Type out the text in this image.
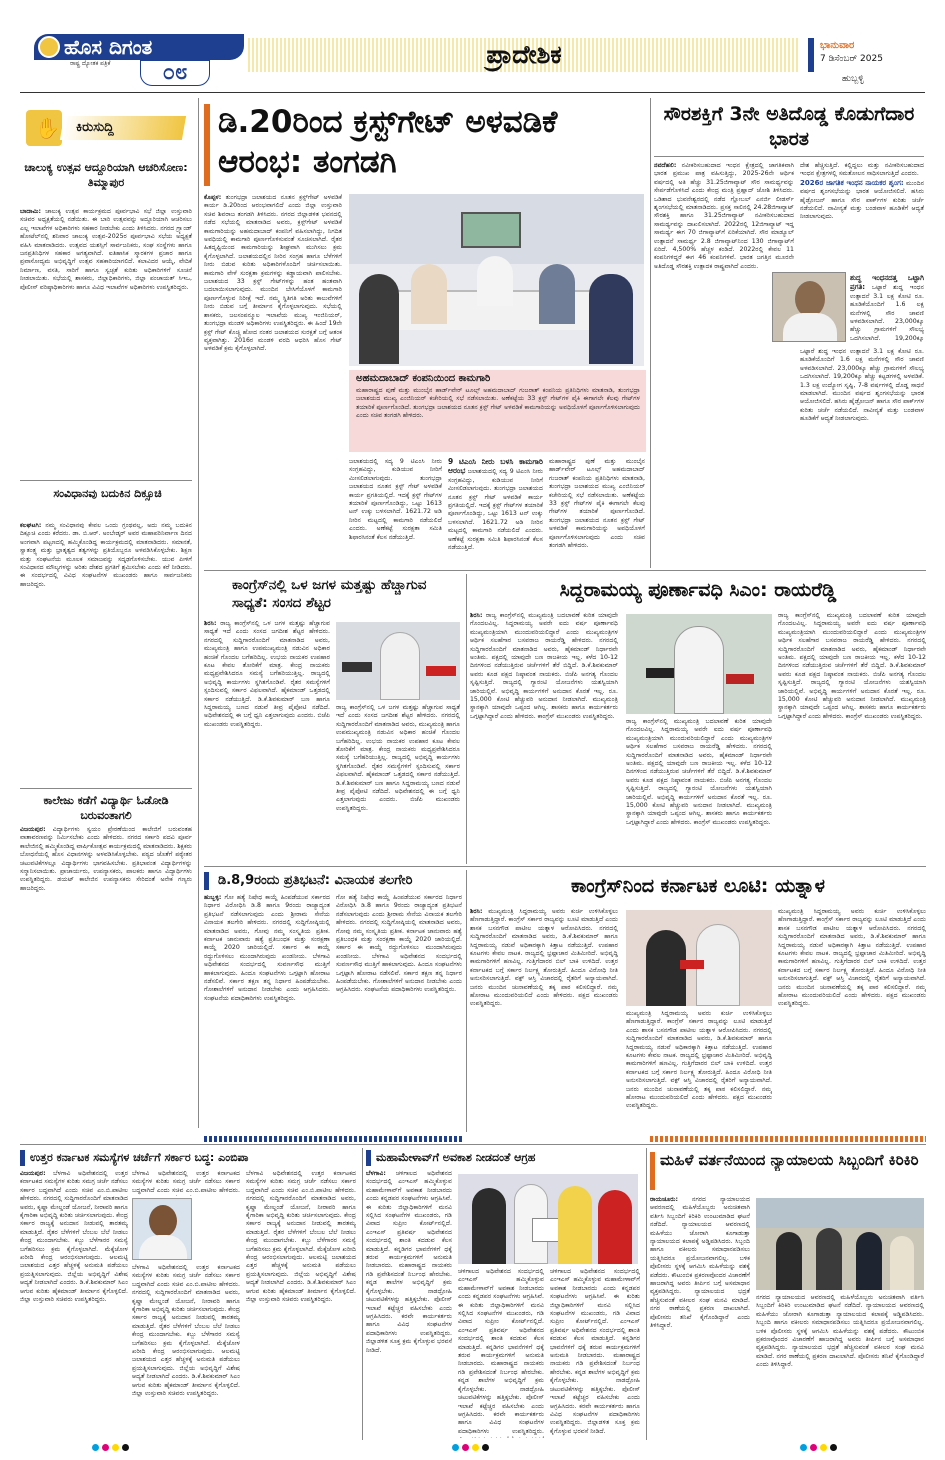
ಹೊಸ ದಿಗಂತ
ರಾಷ್ಟ್ರ ದ್ಯೋತಕ ಪತ್ರಿಕೆ	೦೮
ಪ್ರಾದೇಶಿಕ	ಭಾನುವಾರ
7 ಡಿಸೆಂಬರ್ 2025
ಹುಬ್ಬಳ್ಳಿ
✋ ಕಿರುಸುದ್ದಿ
ಚಾಲುಕ್ಯ ಉತ್ಸವ ಆದ್ದೂರಿಯಾಗಿ ಆಚರಿಸೋಣ: ತಿಮ್ಮಾಪುರ
ಬಾದಾಮಿ: ಚಾಲುಕ್ಯ ಉತ್ಸವ ಕಾರ್ಯಕ್ರಮದ ಪೂರ್ವಭಾವಿ ಸಭೆ ಜಿಲ್ಲಾ ಉಸ್ತುವಾರಿ ಸಚಿವರ ಅಧ್ಯಕ್ಷತೆಯಲ್ಲಿ ನಡೆಯಿತು. ಈ ಬಾರಿ ಉತ್ಸವವನ್ನು ಅದ್ದೂರಿಯಾಗಿ ಆಚರಿಸಲು ಎಲ್ಲ ಇಲಾಖೆಗಳ ಅಧಿಕಾರಿಗಳು ಸಹಕಾರ ನೀಡಬೇಕು ಎಂದು ತಿಳಿಸಿದರು. ನಗರದ ಗ್ರ್ಯಾಂಡ್ ಹೋಟೆಲ್‌ನಲ್ಲಿ ಶನಿವಾರ ಚಾಲುಕ್ಯ ಉತ್ಸವ-2025ರ ಪೂರ್ವಭಾವಿ ಸಭೆಯ ಅಧ್ಯಕ್ಷತೆ ವಹಿಸಿ ಮಾತನಾಡಿದರು. ಉತ್ಸವದ ಯಶಸ್ಸಿಗೆ ಸಾರ್ವಜನಿಕರು, ಸಂಘ ಸಂಸ್ಥೆಗಳು ಹಾಗೂ ಜನಪ್ರತಿನಿಧಿಗಳ ಸಹಕಾರ ಅಗತ್ಯವಾಗಿದೆ. ಐತಿಹಾಸಿಕ ಸ್ಮಾರಕಗಳ ಪ್ರಚಾರ ಹಾಗೂ ಪ್ರವಾಸೋದ್ಯಮ ಅಭಿವೃದ್ಧಿಗೆ ಉತ್ಸವ ಸಹಕಾರಿಯಾಗಲಿದೆ. ಕಲಾವಿದರ ಆಯ್ಕೆ, ವೇದಿಕೆ ನಿರ್ಮಾಣ, ವಸತಿ, ಸಾರಿಗೆ ಹಾಗೂ ಸ್ವಚ್ಛತೆ ಕುರಿತು ಅಧಿಕಾರಿಗಳಿಗೆ ಸೂಚನೆ ನೀಡಲಾಯಿತು. ಸಭೆಯಲ್ಲಿ ಶಾಸಕರು, ಜಿಲ್ಲಾಧಿಕಾರಿಗಳು, ಜಿಲ್ಲಾ ಪಂಚಾಯತ್ ಸಿಇಒ, ಪೊಲೀಸ್ ವರಿಷ್ಠಾಧಿಕಾರಿಗಳು ಹಾಗೂ ವಿವಿಧ ಇಲಾಖೆಗಳ ಅಧಿಕಾರಿಗಳು ಉಪಸ್ಥಿತರಿದ್ದರು.
ಸಂವಿಧಾನವು ಬದುಕಿನ ದಿಕ್ಸೂಚಿ
ಕಲಘಟಗಿ: ನಮ್ಮ ಸಂವಿಧಾನವು ಕೇವಲ ಒಂದು ಗ್ರಂಥವಲ್ಲ, ಅದು ನಮ್ಮ ಬದುಕಿನ ದಿಕ್ಸೂಚಿ ಎಂದು ಕರೆದರು. ಡಾ. ಬಿ.ಆರ್. ಅಂಬೇಡ್ಕರ್ ಅವರ ಮಹಾಪರಿನಿರ್ವಾಣ ದಿನದ ಅಂಗವಾಗಿ ಪಟ್ಟಣದಲ್ಲಿ ಹಮ್ಮಿಕೊಂಡಿದ್ದ ಕಾರ್ಯಕ್ರಮದಲ್ಲಿ ಮಾತನಾಡಿದರು. ಸಮಾನತೆ, ಸ್ವಾತಂತ್ರ್ಯ ಮತ್ತು ಭ್ರಾತೃತ್ವದ ತತ್ವಗಳನ್ನು ಪ್ರತಿಯೊಬ್ಬರೂ ಅಳವಡಿಸಿಕೊಳ್ಳಬೇಕು. ಶಿಕ್ಷಣ ಮತ್ತು ಸಂಘಟನೆಯ ಮೂಲಕ ಸಮಾಜವನ್ನು ಸದೃಢಗೊಳಿಸಬೇಕು. ಯುವ ಪೀಳಿಗೆ ಸಂವಿಧಾನದ ಮೌಲ್ಯಗಳನ್ನು ಅರಿತು ದೇಶದ ಪ್ರಗತಿಗೆ ಶ್ರಮಿಸಬೇಕು ಎಂದು ಕರೆ ನೀಡಿದರು. ಈ ಸಂದರ್ಭದಲ್ಲಿ ವಿವಿಧ ಸಂಘಟನೆಗಳ ಮುಖಂಡರು ಹಾಗೂ ಸಾರ್ವಜನಿಕರು ಹಾಜರಿದ್ದರು.
ಕಾಲೇಜು ಕಡೆಗೆ ವಿದ್ಯಾರ್ಥಿ ಓಡೋಡಿ ಬರುವಂತಾಗಲಿ
ವಿಜಯಪುರ: ವಿದ್ಯಾರ್ಥಿಗಳು ಸ್ವಯಂ ಪ್ರೇರಣೆಯಿಂದ ಕಾಲೇಜಿಗೆ ಬರುವಂತಹ ವಾತಾವರಣವನ್ನು ನಿರ್ಮಿಸಬೇಕು ಎಂದು ಹೇಳಿದರು. ನಗರದ ಸರ್ಕಾರಿ ಪದವಿ ಪೂರ್ವ ಕಾಲೇಜಿನಲ್ಲಿ ಹಮ್ಮಿಕೊಂಡಿದ್ದ ವಾರ್ಷಿಕೋತ್ಸವ ಕಾರ್ಯಕ್ರಮದಲ್ಲಿ ಮಾತನಾಡಿದರು. ಶಿಕ್ಷಕರು ಬೋಧನೆಯಲ್ಲಿ ಹೊಸ ವಿಧಾನಗಳನ್ನು ಅಳವಡಿಸಿಕೊಳ್ಳಬೇಕು. ಪಠ್ಯದ ಜೊತೆಗೆ ಪಠ್ಯೇತರ ಚಟುವಟಿಕೆಗಳಲ್ಲೂ ವಿದ್ಯಾರ್ಥಿಗಳು ಭಾಗವಹಿಸಬೇಕು. ಪ್ರತಿಭಾವಂತ ವಿದ್ಯಾರ್ಥಿಗಳನ್ನು ಸನ್ಮಾನಿಸಲಾಯಿತು. ಪ್ರಾಚಾರ್ಯರು, ಉಪನ್ಯಾಸಕರು, ಪಾಲಕರು ಹಾಗೂ ವಿದ್ಯಾರ್ಥಿಗಳು ಉಪಸ್ಥಿತರಿದ್ದರು. ಡಯಟ್ ಕಾಲೇಜಿನ ಉಪನ್ಯಾಸಕರು ಸೇರಿದಂತೆ ಅನೇಕ ಗಣ್ಯರು ಹಾಜರಿದ್ದರು.
ಡಿ.20ರಿಂದ ಕ್ರಸ್ಟ್‌ಗೇಟ್ ಅಳವಡಿಕೆ ಆರಂಭ: ತಂಗಡಗಿ
ಕೊಪ್ಪಳ: ತುಂಗಭದ್ರಾ ಜಲಾಶಯದ ನೂತನ ಕ್ರಸ್ಟ್‌ಗೇಟ್ ಅಳವಡಿಕೆ ಕಾರ್ಯ ಡಿ.20ರಿಂದ ಆರಂಭವಾಗಲಿದೆ ಎಂದು ಜಿಲ್ಲಾ ಉಸ್ತುವಾರಿ ಸಚಿವ ಶಿವರಾಜ ತಂಗಡಗಿ ತಿಳಿಸಿದರು. ನಗರದ ಜಿಲ್ಲಾಡಳಿತ ಭವನದಲ್ಲಿ ನಡೆದ ಸಭೆಯಲ್ಲಿ ಮಾತನಾಡಿದ ಅವರು, ಕ್ರಸ್ಟ್‌ಗೇಟ್ ಅಳವಡಿಕೆ ಕಾಮಗಾರಿಯನ್ನು ಅಹಮದಾಬಾದ್ ಕಂಪನಿಗೆ ವಹಿಸಲಾಗಿದ್ದು, ನಿಗದಿತ ಅವಧಿಯಲ್ಲಿ ಕಾಮಗಾರಿ ಪೂರ್ಣಗೊಳಿಸುವಂತೆ ಸೂಚಿಸಲಾಗಿದೆ. ರೈತರ ಹಿತದೃಷ್ಟಿಯಿಂದ ಕಾಮಗಾರಿಯನ್ನು ಶೀಘ್ರವಾಗಿ ಮುಗಿಸಲು ಕ್ರಮ ಕೈಗೊಳ್ಳಲಾಗಿದೆ. ಜಲಾಶಯದಲ್ಲಿನ ನೀರಿನ ಸಂಗ್ರಹ ಹಾಗೂ ಬೆಳೆಗಳಿಗೆ ನೀರು ಬಿಡುವ ಕುರಿತು ಅಧಿಕಾರಿಗಳೊಂದಿಗೆ ಚರ್ಚಿಸಲಾಯಿತು. ಕಾಮಗಾರಿ ವೇಳೆ ಸುರಕ್ಷತಾ ಕ್ರಮಗಳನ್ನು ಕಡ್ಡಾಯವಾಗಿ ಪಾಲಿಸಬೇಕು. ಜಲಾಶಯದ 33 ಕ್ರಸ್ಟ್ ಗೇಟ್‌ಗಳನ್ನು ಹಂತ ಹಂತವಾಗಿ ಬದಲಾಯಿಸಲಾಗುವುದು. ಮುಂದಿನ ಬೇಸಿಗೆಯೊಳಗೆ ಕಾಮಗಾರಿ ಪೂರ್ಣಗೊಳ್ಳುವ ನಿರೀಕ್ಷೆ ಇದೆ. ನಮ್ಮ ಸ್ಥಿತಿಗತಿ ಅರಿತು ಕಾಲುವೆಗಳಿಗೆ ನೀರು ಬಿಡುವ ಬಗ್ಗೆ ತೀರ್ಮಾನ ಕೈಗೊಳ್ಳಲಾಗುವುದು. ಸಭೆಯಲ್ಲಿ ಶಾಸಕರು, ಜಲಸಂಪನ್ಮೂಲ ಇಲಾಖೆಯ ಮುಖ್ಯ ಇಂಜಿನಿಯರ್, ತುಂಗಭದ್ರಾ ಮಂಡಳಿ ಅಧಿಕಾರಿಗಳು ಉಪಸ್ಥಿತರಿದ್ದರು. ಈ ಹಿಂದೆ 19ನೇ ಕ್ರಸ್ಟ್ ಗೇಟ್ ಕೊಚ್ಚಿ ಹೋದ ನಂತರ ಜಲಾಶಯದ ಸುರಕ್ಷತೆ ಬಗ್ಗೆ ಆತಂಕ ವ್ಯಕ್ತವಾಗಿತ್ತು. 2016ರ ಮಂಡಳಿ ವರದಿ ಆಧರಿಸಿ ಹೊಸ ಗೇಟ್ ಅಳವಡಿಕೆ ಕ್ರಮ ಕೈಗೊಳ್ಳಲಾಗಿದೆ.
ಅಹಮದಾಬಾದ್ ಕಂಪನಿಯಿಂದ ಕಾಮಗಾರಿ
ಮಹಾರಾಷ್ಟ್ರದ ಪುಣೆ ಮತ್ತು ಮುಂಬೈನ ಹಾರ್ಡ್‌ವೇರ್ ಟೂಲ್ಸ್ ಅಹಮದಾಬಾದ್ ಗುಜರಾತ್ ಕಂಪನಿಯ ಪ್ರತಿನಿಧಿಗಳು ಮಾತನಾಡಿ, ತುಂಗಭದ್ರಾ ಜಲಾಶಯದ ಮುಖ್ಯ ಎಂಜಿನಿಯರ್ ಕಚೇರಿಯಲ್ಲಿ ಸಭೆ ನಡೆಸಲಾಯಿತು. ಅಣೆಕಟ್ಟೆಯ 33 ಕ್ರಸ್ಟ್ ಗೇಟ್‌ಗಳ ಪೈಕಿ ಈಗಾಗಲೇ ಕೆಲವು ಗೇಟ್‌ಗಳ ತಯಾರಿಕೆ ಪೂರ್ಣಗೊಂಡಿದೆ. ತುಂಗಭದ್ರಾ ಜಲಾಶಯದ ನೂತನ ಕ್ರಸ್ಟ್ ಗೇಟ್ ಅಳವಡಿಕೆ ಕಾಮಗಾರಿಯನ್ನು ಅವಧಿಯೊಳಗೆ ಪೂರ್ಣಗೊಳಿಸಲಾಗುವುದು ಎಂದು ಸಚಿವ ತಂಗಡಗಿ ಹೇಳಿದರು.
ಜಲಾಶಯದಲ್ಲಿ ಸದ್ಯ 9 ಟಿಎಂಸಿ ನೀರು ಸಂಗ್ರಹವಿದ್ದು, ಕುಡಿಯುವ ನೀರಿಗೆ ಮೀಸಲಿಡಲಾಗುವುದು. ತುಂಗಭದ್ರಾ ಜಲಾಶಯದ ನೂತನ ಕ್ರಸ್ಟ್ ಗೇಟ್ ಅಳವಡಿಕೆ ಕಾರ್ಯ ಪ್ರಗತಿಯಲ್ಲಿದೆ. ಇದಕ್ಕೆ ಕ್ರಸ್ಟ್ ಗೇಟ್‌ಗಳ ತಯಾರಿಕೆ ಪೂರ್ಣಗೊಂಡಿದ್ದು, ಒಟ್ಟು 1613 ಟನ್ ಉಕ್ಕು ಬಳಸಲಾಗಿದೆ. 1621.72 ಅಡಿ ನೀರಿನ ಮಟ್ಟದಲ್ಲಿ ಕಾಮಗಾರಿ ನಡೆಯಲಿದೆ ಎಂದರು. ಅಣೆಕಟ್ಟೆ ಸುರಕ್ಷತಾ ಸಮಿತಿ ಶಿಫಾರಸಿನಂತೆ ಕೆಲಸ ನಡೆಯುತ್ತಿದೆ.
9 ಟಿಎಂಸಿ ನೀರು ಬಳಸಿ ಕಾಮಗಾರಿ ಆರಂಭ ಜಲಾಶಯದಲ್ಲಿ ಸದ್ಯ 9 ಟಿಎಂಸಿ ನೀರು ಸಂಗ್ರಹವಿದ್ದು, ಕುಡಿಯುವ ನೀರಿಗೆ ಮೀಸಲಿಡಲಾಗುವುದು. ತುಂಗಭದ್ರಾ ಜಲಾಶಯದ ನೂತನ ಕ್ರಸ್ಟ್ ಗೇಟ್ ಅಳವಡಿಕೆ ಕಾರ್ಯ ಪ್ರಗತಿಯಲ್ಲಿದೆ. ಇದಕ್ಕೆ ಕ್ರಸ್ಟ್ ಗೇಟ್‌ಗಳ ತಯಾರಿಕೆ ಪೂರ್ಣಗೊಂಡಿದ್ದು, ಒಟ್ಟು 1613 ಟನ್ ಉಕ್ಕು ಬಳಸಲಾಗಿದೆ. 1621.72 ಅಡಿ ನೀರಿನ ಮಟ್ಟದಲ್ಲಿ ಕಾಮಗಾರಿ ನಡೆಯಲಿದೆ ಎಂದರು. ಅಣೆಕಟ್ಟೆ ಸುರಕ್ಷತಾ ಸಮಿತಿ ಶಿಫಾರಸಿನಂತೆ ಕೆಲಸ ನಡೆಯುತ್ತಿದೆ.
ಮಹಾರಾಷ್ಟ್ರದ ಪುಣೆ ಮತ್ತು ಮುಂಬೈನ ಹಾರ್ಡ್‌ವೇರ್ ಟೂಲ್ಸ್ ಅಹಮದಾಬಾದ್ ಗುಜರಾತ್ ಕಂಪನಿಯ ಪ್ರತಿನಿಧಿಗಳು ಮಾತನಾಡಿ, ತುಂಗಭದ್ರಾ ಜಲಾಶಯದ ಮುಖ್ಯ ಎಂಜಿನಿಯರ್ ಕಚೇರಿಯಲ್ಲಿ ಸಭೆ ನಡೆಸಲಾಯಿತು. ಅಣೆಕಟ್ಟೆಯ 33 ಕ್ರಸ್ಟ್ ಗೇಟ್‌ಗಳ ಪೈಕಿ ಈಗಾಗಲೇ ಕೆಲವು ಗೇಟ್‌ಗಳ ತಯಾರಿಕೆ ಪೂರ್ಣಗೊಂಡಿದೆ. ತುಂಗಭದ್ರಾ ಜಲಾಶಯದ ನೂತನ ಕ್ರಸ್ಟ್ ಗೇಟ್ ಅಳವಡಿಕೆ ಕಾಮಗಾರಿಯನ್ನು ಅವಧಿಯೊಳಗೆ ಪೂರ್ಣಗೊಳಿಸಲಾಗುವುದು ಎಂದು ಸಚಿವ ತಂಗಡಗಿ ಹೇಳಿದರು.
ಸೌರಶಕ್ತಿಗೆ 3ನೇ ಅತಿದೊಡ್ಡ ಕೊಡುಗೆದಾರ ಭಾರತ
ನವದೆಹಲಿ: ನವೀಕರಿಸಬಹುದಾದ ಇಂಧನ ಕ್ಷೇತ್ರದಲ್ಲಿ ಜಾಗತಿಕವಾಗಿ ಭಾರತ ಪ್ರಮುಖ ಪಾತ್ರ ವಹಿಸುತ್ತಿದ್ದು, 2025-26ನೇ ಆರ್ಥಿಕ ವರ್ಷದಲ್ಲಿ ಅತಿ ಹೆಚ್ಚು 31.25ಜಿಗಾವ್ಯಾಟ್ ಸೌರ ಸಾಮರ್ಥ್ಯವನ್ನು ಸೇರ್ಪಡೆಗೊಳಿಸಿದೆ ಎಂದು ಕೇಂದ್ರ ಮಂತ್ರಿ ಪ್ರಹ್ಲಾದ್ ಜೋಶಿ ತಿಳಿಸಿದರು. ಒಡಿಶಾದ ಭುವನೇಶ್ವರದಲ್ಲಿ ನಡೆದ ಗ್ಲೋಬಲ್ ಎನರ್ಜಿ ಲೀಡರ್ಸ್ ಶೃಂಗಸಭೆಯಲ್ಲಿ ಮಾತನಾಡಿದರು. ಪ್ರಸಕ್ತ ಸಾಲಿನಲ್ಲಿ 24.28ಜಿಗಾವ್ಯಾಟ್ ಸೌರಶಕ್ತಿ ಹಾಗೂ 31.25ಜಿಗಾವ್ಯಾಟ್ ನವೀಕರಿಸಬಹುದಾದ ಸಾಮರ್ಥ್ಯವನ್ನು ದಾಖಲಿಸಲಾಗಿದೆ. 2022ರಲ್ಲಿ 12ಜಿಗಾವ್ಯಾಟ್ ಇದ್ದ ಸಾಮರ್ಥ್ಯ ಈಗ 70 ಜಿಗಾವ್ಯಾಟ್‌ಗೆ ಏರಿಕೆಯಾಗಿದೆ. ಸೌರ ಮಾಡ್ಯೂಲ್ ಉತ್ಪಾದನೆ ಸಾಮರ್ಥ್ಯ 2.8 ಜಿಗಾವ್ಯಾಟ್‌ನಿಂದ 130 ಜಿಗಾವ್ಯಾಟ್‌ಗೆ ಏರಿದೆ. 4,500% ಹೆಚ್ಚಳ ಕಂಡಿದೆ. 2022ರಲ್ಲಿ ಕೇವಲ 11 ಕಂಪನಿಗಳಿದ್ದರೆ ಈಗ 46 ಕಂಪನಿಗಳಿವೆ. ಭಾರತ ಜಗತ್ತಿನ ಮೂರನೇ ಅತಿದೊಡ್ಡ ಸೌರಶಕ್ತಿ ಉತ್ಪಾದಕ ರಾಷ್ಟ್ರವಾಗಿದೆ ಎಂದರು.
ದೇಶ ಹೆಚ್ಚಿಸುತ್ತಿದೆ. ಕಲ್ಲಿದ್ದಲು ಮತ್ತು ನವೀಕರಿಸಬಹುದಾದ ಇಂಧನ ಕ್ಷೇತ್ರಗಳಲ್ಲಿ ಸಮತೋಲನ ಸಾಧಿಸಲಾಗುತ್ತಿದೆ ಎಂದರು.
2026ರ ಜಾಗತಿಕ ಇಂಧನ ನಾಯಕರ ಶೃಂಗ: ಮುಂದಿನ ವರ್ಷದ ಶೃಂಗಸಭೆಯನ್ನು ಭಾರತ ಆಯೋಜಿಸಲಿದೆ. ಹಸಿರು ಹೈಡ್ರೋಜನ್ ಹಾಗೂ ಸೌರ ಪಾರ್ಕ್‌ಗಳ ಕುರಿತು ಚರ್ಚೆ ನಡೆಯಲಿದೆ. ನಾವೀನ್ಯತೆ ಮತ್ತು ಬಂಡವಾಳ ಹೂಡಿಕೆಗೆ ಆದ್ಯತೆ ನೀಡಲಾಗುವುದು.
ಶುದ್ಧ ಇಂಧನದತ್ತ ಒಟ್ಟಾಗಿ ಪ್ರಗತಿ: ಒಟ್ಟಾರೆ ಶುದ್ಧ ಇಂಧನ ಉತ್ಪಾದನೆ 3.1 ಲಕ್ಷ ಕೋಟಿ ರೂ. ಹೂಡಿಕೆಯೊಂದಿಗೆ 1.6 ಲಕ್ಷ ಮನೆಗಳಲ್ಲಿ ಸೌರ ಚಾವಣಿ ಅಳವಡಿಸಲಾಗಿದೆ. 23,000ಕ್ಕೂ ಹೆಚ್ಚು ಗ್ರಾಮಗಳಿಗೆ ಸೌಲಭ್ಯ ಒದಗಿಸಲಾಗಿದೆ. 19,200ಕ್ಕೂ
ಒಟ್ಟಾರೆ ಶುದ್ಧ ಇಂಧನ ಉತ್ಪಾದನೆ 3.1 ಲಕ್ಷ ಕೋಟಿ ರೂ. ಹೂಡಿಕೆಯೊಂದಿಗೆ 1.6 ಲಕ್ಷ ಮನೆಗಳಲ್ಲಿ ಸೌರ ಚಾವಣಿ ಅಳವಡಿಸಲಾಗಿದೆ. 23,000ಕ್ಕೂ ಹೆಚ್ಚು ಗ್ರಾಮಗಳಿಗೆ ಸೌಲಭ್ಯ ಒದಗಿಸಲಾಗಿದೆ. 19,200ಕ್ಕೂ ಹೆಚ್ಚು ಕಟ್ಟಡಗಳಲ್ಲಿ ಅಳವಡಿಕೆ. 1.3 ಲಕ್ಷ ಉದ್ಯೋಗ ಸೃಷ್ಟಿ, 7-8 ವರ್ಷಗಳಲ್ಲಿ ದೊಡ್ಡ ಸಾಧನೆ ಮಾಡಲಾಗಿದೆ. ಮುಂದಿನ ವರ್ಷದ ಶೃಂಗಸಭೆಯನ್ನು ಭಾರತ ಆಯೋಜಿಸಲಿದೆ. ಹಸಿರು ಹೈಡ್ರೋಜನ್ ಹಾಗೂ ಸೌರ ಪಾರ್ಕ್‌ಗಳ ಕುರಿತು ಚರ್ಚೆ ನಡೆಯಲಿದೆ. ನಾವೀನ್ಯತೆ ಮತ್ತು ಬಂಡವಾಳ ಹೂಡಿಕೆಗೆ ಆದ್ಯತೆ ನೀಡಲಾಗುವುದು.
ಕಾಂಗ್ರೆಸ್‌ನಲ್ಲಿ ಒಳ ಜಗಳ ಮತ್ತಷ್ಟು ಹೆಚ್ಚಾಗುವ ಸಾಧ್ಯತೆ: ಸಂಸದ ಶೆಟ್ಟರ
ಶಿರಸಿ: ರಾಜ್ಯ ಕಾಂಗ್ರೆಸ್‌ನಲ್ಲಿ ಒಳ ಜಗಳ ಮತ್ತಷ್ಟು ಹೆಚ್ಚಾಗುವ ಸಾಧ್ಯತೆ ಇದೆ ಎಂದು ಸಂಸದ ಜಗದೀಶ ಶೆಟ್ಟರ ಹೇಳಿದರು. ನಗರದಲ್ಲಿ ಸುದ್ದಿಗಾರರೊಂದಿಗೆ ಮಾತನಾಡಿದ ಅವರು, ಮುಖ್ಯಮಂತ್ರಿ ಹಾಗೂ ಉಪಮುಖ್ಯಮಂತ್ರಿ ನಡುವಿನ ಅಧಿಕಾರ ಹಂಚಿಕೆ ಗೊಂದಲ ಬಗೆಹರಿದಿಲ್ಲ. ಉಭಯ ನಾಯಕರ ಉಪಹಾರ ಕೂಟ ಕೇವಲ ತೋರಿಕೆಗೆ ಮಾತ್ರ. ಕೇಂದ್ರ ನಾಯಕರು ಮಧ್ಯಪ್ರವೇಶಿಸಿದರೂ ಸಮಸ್ಯೆ ಬಗೆಹರಿಯುತ್ತಿಲ್ಲ. ರಾಜ್ಯದಲ್ಲಿ ಅಭಿವೃದ್ಧಿ ಕಾರ್ಯಗಳು ಸ್ಥಗಿತಗೊಂಡಿವೆ. ರೈತರ ಸಮಸ್ಯೆಗಳಿಗೆ ಸ್ಪಂದಿಸುವಲ್ಲಿ ಸರ್ಕಾರ ವಿಫಲವಾಗಿದೆ. ಹೈಕಮಾಂಡ್ ಒತ್ತಡದಲ್ಲಿ ಸರ್ಕಾರ ನಡೆಯುತ್ತಿದೆ. ಡಿ.ಕೆ.ಶಿವಕುಮಾರ್ ಬಣ ಹಾಗೂ ಸಿದ್ದರಾಮಯ್ಯ ಬಣದ ನಡುವೆ ತೀವ್ರ ಪೈಪೋಟಿ ನಡೆದಿದೆ. ಅಧಿವೇಶನದಲ್ಲಿ ಈ ಬಗ್ಗೆ ಧ್ವನಿ ಎತ್ತಲಾಗುವುದು ಎಂದರು. ಬಿಜೆಪಿ ಮುಖಂಡರು ಉಪಸ್ಥಿತರಿದ್ದರು.
ರಾಜ್ಯ ಕಾಂಗ್ರೆಸ್‌ನಲ್ಲಿ ಒಳ ಜಗಳ ಮತ್ತಷ್ಟು ಹೆಚ್ಚಾಗುವ ಸಾಧ್ಯತೆ ಇದೆ ಎಂದು ಸಂಸದ ಜಗದೀಶ ಶೆಟ್ಟರ ಹೇಳಿದರು. ನಗರದಲ್ಲಿ ಸುದ್ದಿಗಾರರೊಂದಿಗೆ ಮಾತನಾಡಿದ ಅವರು, ಮುಖ್ಯಮಂತ್ರಿ ಹಾಗೂ ಉಪಮುಖ್ಯಮಂತ್ರಿ ನಡುವಿನ ಅಧಿಕಾರ ಹಂಚಿಕೆ ಗೊಂದಲ ಬಗೆಹರಿದಿಲ್ಲ. ಉಭಯ ನಾಯಕರ ಉಪಹಾರ ಕೂಟ ಕೇವಲ ತೋರಿಕೆಗೆ ಮಾತ್ರ. ಕೇಂದ್ರ ನಾಯಕರು ಮಧ್ಯಪ್ರವೇಶಿಸಿದರೂ ಸಮಸ್ಯೆ ಬಗೆಹರಿಯುತ್ತಿಲ್ಲ. ರಾಜ್ಯದಲ್ಲಿ ಅಭಿವೃದ್ಧಿ ಕಾರ್ಯಗಳು ಸ್ಥಗಿತಗೊಂಡಿವೆ. ರೈತರ ಸಮಸ್ಯೆಗಳಿಗೆ ಸ್ಪಂದಿಸುವಲ್ಲಿ ಸರ್ಕಾರ ವಿಫಲವಾಗಿದೆ. ಹೈಕಮಾಂಡ್ ಒತ್ತಡದಲ್ಲಿ ಸರ್ಕಾರ ನಡೆಯುತ್ತಿದೆ. ಡಿ.ಕೆ.ಶಿವಕುಮಾರ್ ಬಣ ಹಾಗೂ ಸಿದ್ದರಾಮಯ್ಯ ಬಣದ ನಡುವೆ ತೀವ್ರ ಪೈಪೋಟಿ ನಡೆದಿದೆ. ಅಧಿವೇಶನದಲ್ಲಿ ಈ ಬಗ್ಗೆ ಧ್ವನಿ ಎತ್ತಲಾಗುವುದು ಎಂದರು. ಬಿಜೆಪಿ ಮುಖಂಡರು ಉಪಸ್ಥಿತರಿದ್ದರು.
ಸಿದ್ದರಾಮಯ್ಯ ಪೂರ್ಣಾವಧಿ ಸಿಎಂ: ರಾಯರೆಡ್ಡಿ
ಶಿರಸಿ: ರಾಜ್ಯ ಕಾಂಗ್ರೆಸ್‌ನಲ್ಲಿ ಮುಖ್ಯಮಂತ್ರಿ ಬದಲಾವಣೆ ಕುರಿತ ಯಾವುದೇ ಗೊಂದಲವಿಲ್ಲ. ಸಿದ್ದರಾಮಯ್ಯ ಅವರೇ ಐದು ವರ್ಷ ಪೂರ್ಣಾವಧಿ ಮುಖ್ಯಮಂತ್ರಿಯಾಗಿ ಮುಂದುವರಿಯಲಿದ್ದಾರೆ ಎಂದು ಮುಖ್ಯಮಂತ್ರಿಗಳ ಆರ್ಥಿಕ ಸಲಹೆಗಾರ ಬಸವರಾಜ ರಾಯರೆಡ್ಡಿ ಹೇಳಿದರು. ನಗರದಲ್ಲಿ ಸುದ್ದಿಗಾರರೊಂದಿಗೆ ಮಾತನಾಡಿದ ಅವರು, ಹೈಕಮಾಂಡ್ ನಿರ್ಧಾರವೇ ಅಂತಿಮ. ಪಕ್ಷದಲ್ಲಿ ಯಾವುದೇ ಬಣ ರಾಜಕೀಯ ಇಲ್ಲ. ಕಳೆದ 10-12 ದಿನಗಳಿಂದ ನಡೆಯುತ್ತಿರುವ ಚರ್ಚೆಗಳಿಗೆ ತೆರೆ ಬಿದ್ದಿದೆ. ಡಿ.ಕೆ.ಶಿವಕುಮಾರ್ ಅವರು ಕೂಡ ಪಕ್ಷದ ನಿಷ್ಠಾವಂತ ನಾಯಕರು. ಬಿಜೆಪಿ ಅನಗತ್ಯ ಗೊಂದಲ ಸೃಷ್ಟಿಸುತ್ತಿದೆ. ರಾಜ್ಯದಲ್ಲಿ ಗ್ಯಾರಂಟಿ ಯೋಜನೆಗಳು ಯಶಸ್ವಿಯಾಗಿ ಜಾರಿಯಲ್ಲಿವೆ. ಅಭಿವೃದ್ಧಿ ಕಾರ್ಯಗಳಿಗೆ ಅನುದಾನ ಕೊರತೆ ಇಲ್ಲ. ರೂ. 15,000 ಕೋಟಿ ಹೆಚ್ಚುವರಿ ಅನುದಾನ ನೀಡಲಾಗಿದೆ. ಮುಖ್ಯಮಂತ್ರಿ ಸ್ಥಾನಕ್ಕಾಗಿ ಯಾವುದೇ ಒಪ್ಪಂದ ಆಗಿಲ್ಲ. ಶಾಸಕರು ಹಾಗೂ ಕಾರ್ಯಕರ್ತರು ಒಗ್ಗಟ್ಟಾಗಿದ್ದಾರೆ ಎಂದು ಹೇಳಿದರು. ಕಾಂಗ್ರೆಸ್ ಮುಖಂಡರು ಉಪಸ್ಥಿತರಿದ್ದರು.
ರಾಜ್ಯ ಕಾಂಗ್ರೆಸ್‌ನಲ್ಲಿ ಮುಖ್ಯಮಂತ್ರಿ ಬದಲಾವಣೆ ಕುರಿತ ಯಾವುದೇ ಗೊಂದಲವಿಲ್ಲ. ಸಿದ್ದರಾಮಯ್ಯ ಅವರೇ ಐದು ವರ್ಷ ಪೂರ್ಣಾವಧಿ ಮುಖ್ಯಮಂತ್ರಿಯಾಗಿ ಮುಂದುವರಿಯಲಿದ್ದಾರೆ ಎಂದು ಮುಖ್ಯಮಂತ್ರಿಗಳ ಆರ್ಥಿಕ ಸಲಹೆಗಾರ ಬಸವರಾಜ ರಾಯರೆಡ್ಡಿ ಹೇಳಿದರು. ನಗರದಲ್ಲಿ ಸುದ್ದಿಗಾರರೊಂದಿಗೆ ಮಾತನಾಡಿದ ಅವರು, ಹೈಕಮಾಂಡ್ ನಿರ್ಧಾರವೇ ಅಂತಿಮ. ಪಕ್ಷದಲ್ಲಿ ಯಾವುದೇ ಬಣ ರಾಜಕೀಯ ಇಲ್ಲ. ಕಳೆದ 10-12 ದಿನಗಳಿಂದ ನಡೆಯುತ್ತಿರುವ ಚರ್ಚೆಗಳಿಗೆ ತೆರೆ ಬಿದ್ದಿದೆ. ಡಿ.ಕೆ.ಶಿವಕುಮಾರ್ ಅವರು ಕೂಡ ಪಕ್ಷದ ನಿಷ್ಠಾವಂತ ನಾಯಕರು. ಬಿಜೆಪಿ ಅನಗತ್ಯ ಗೊಂದಲ ಸೃಷ್ಟಿಸುತ್ತಿದೆ. ರಾಜ್ಯದಲ್ಲಿ ಗ್ಯಾರಂಟಿ ಯೋಜನೆಗಳು ಯಶಸ್ವಿಯಾಗಿ ಜಾರಿಯಲ್ಲಿವೆ. ಅಭಿವೃದ್ಧಿ ಕಾರ್ಯಗಳಿಗೆ ಅನುದಾನ ಕೊರತೆ ಇಲ್ಲ. ರೂ. 15,000 ಕೋಟಿ ಹೆಚ್ಚುವರಿ ಅನುದಾನ ನೀಡಲಾಗಿದೆ. ಮುಖ್ಯಮಂತ್ರಿ ಸ್ಥಾನಕ್ಕಾಗಿ ಯಾವುದೇ ಒಪ್ಪಂದ ಆಗಿಲ್ಲ. ಶಾಸಕರು ಹಾಗೂ ಕಾರ್ಯಕರ್ತರು ಒಗ್ಗಟ್ಟಾಗಿದ್ದಾರೆ ಎಂದು ಹೇಳಿದರು. ಕಾಂಗ್ರೆಸ್ ಮುಖಂಡರು ಉಪಸ್ಥಿತರಿದ್ದರು.
ರಾಜ್ಯ ಕಾಂಗ್ರೆಸ್‌ನಲ್ಲಿ ಮುಖ್ಯಮಂತ್ರಿ ಬದಲಾವಣೆ ಕುರಿತ ಯಾವುದೇ ಗೊಂದಲವಿಲ್ಲ. ಸಿದ್ದರಾಮಯ್ಯ ಅವರೇ ಐದು ವರ್ಷ ಪೂರ್ಣಾವಧಿ ಮುಖ್ಯಮಂತ್ರಿಯಾಗಿ ಮುಂದುವರಿಯಲಿದ್ದಾರೆ ಎಂದು ಮುಖ್ಯಮಂತ್ರಿಗಳ ಆರ್ಥಿಕ ಸಲಹೆಗಾರ ಬಸವರಾಜ ರಾಯರೆಡ್ಡಿ ಹೇಳಿದರು. ನಗರದಲ್ಲಿ ಸುದ್ದಿಗಾರರೊಂದಿಗೆ ಮಾತನಾಡಿದ ಅವರು, ಹೈಕಮಾಂಡ್ ನಿರ್ಧಾರವೇ ಅಂತಿಮ. ಪಕ್ಷದಲ್ಲಿ ಯಾವುದೇ ಬಣ ರಾಜಕೀಯ ಇಲ್ಲ. ಕಳೆದ 10-12 ದಿನಗಳಿಂದ ನಡೆಯುತ್ತಿರುವ ಚರ್ಚೆಗಳಿಗೆ ತೆರೆ ಬಿದ್ದಿದೆ. ಡಿ.ಕೆ.ಶಿವಕುಮಾರ್ ಅವರು ಕೂಡ ಪಕ್ಷದ ನಿಷ್ಠಾವಂತ ನಾಯಕರು. ಬಿಜೆಪಿ ಅನಗತ್ಯ ಗೊಂದಲ ಸೃಷ್ಟಿಸುತ್ತಿದೆ. ರಾಜ್ಯದಲ್ಲಿ ಗ್ಯಾರಂಟಿ ಯೋಜನೆಗಳು ಯಶಸ್ವಿಯಾಗಿ ಜಾರಿಯಲ್ಲಿವೆ. ಅಭಿವೃದ್ಧಿ ಕಾರ್ಯಗಳಿಗೆ ಅನುದಾನ ಕೊರತೆ ಇಲ್ಲ. ರೂ. 15,000 ಕೋಟಿ ಹೆಚ್ಚುವರಿ ಅನುದಾನ ನೀಡಲಾಗಿದೆ. ಮುಖ್ಯಮಂತ್ರಿ ಸ್ಥಾನಕ್ಕಾಗಿ ಯಾವುದೇ ಒಪ್ಪಂದ ಆಗಿಲ್ಲ. ಶಾಸಕರು ಹಾಗೂ ಕಾರ್ಯಕರ್ತರು ಒಗ್ಗಟ್ಟಾಗಿದ್ದಾರೆ ಎಂದು ಹೇಳಿದರು. ಕಾಂಗ್ರೆಸ್ ಮುಖಂಡರು ಉಪಸ್ಥಿತರಿದ್ದರು.
ಡಿ.8,9ರಂದು ಪ್ರತಿಭಟನೆ: ವಿನಾಯಕ ತಲಗೇರಿ
ಹುಬ್ಬಳ್ಳಿ: ಗೋ ಹತ್ಯೆ ನಿಷೇಧ ಕಾಯ್ದೆ ಹಿಂಪಡೆಯುವ ಸರ್ಕಾರದ ನಿರ್ಧಾರ ವಿರೋಧಿಸಿ ಡಿ.8 ಹಾಗೂ 9ರಂದು ರಾಜ್ಯಾದ್ಯಂತ ಪ್ರತಿಭಟನೆ ನಡೆಸಲಾಗುವುದು ಎಂದು ಶ್ರೀರಾಮ ಸೇನೆಯ ವಿನಾಯಕ ತಲಗೇರಿ ಹೇಳಿದರು. ನಗರದಲ್ಲಿ ಸುದ್ದಿಗೋಷ್ಠಿಯಲ್ಲಿ ಮಾತನಾಡಿದ ಅವರು, ಗೋವು ನಮ್ಮ ಸಂಸ್ಕೃತಿಯ ಪ್ರತೀಕ. ಕರ್ನಾಟಕ ಜಾನುವಾರು ಹತ್ಯೆ ಪ್ರತಿಬಂಧಕ ಮತ್ತು ಸಂರಕ್ಷಣಾ ಕಾಯ್ದೆ 2020 ಜಾರಿಯಲ್ಲಿದೆ. ಸರ್ಕಾರ ಈ ಕಾಯ್ದೆ ರದ್ದುಗೊಳಿಸಲು ಮುಂದಾಗಿರುವುದು ಖಂಡನೀಯ. ಬೆಳಗಾವಿ ಅಧಿವೇಶನದ ಸಂದರ್ಭದಲ್ಲಿ ಸುವರ್ಣಸೌಧ ಮುತ್ತಿಗೆ ಹಾಕಲಾಗುವುದು. ಹಿಂದೂ ಸಂಘಟನೆಗಳು ಒಗ್ಗಟ್ಟಾಗಿ ಹೋರಾಟ ನಡೆಸಲಿವೆ. ಸರ್ಕಾರ ತಕ್ಷಣ ತನ್ನ ನಿರ್ಧಾರ ಹಿಂಪಡೆಯಬೇಕು. ಗೋಶಾಲೆಗಳಿಗೆ ಅನುದಾನ ನೀಡಬೇಕು ಎಂದು ಆಗ್ರಹಿಸಿದರು. ಸಂಘಟನೆಯ ಪದಾಧಿಕಾರಿಗಳು ಉಪಸ್ಥಿತರಿದ್ದರು.
ಗೋ ಹತ್ಯೆ ನಿಷೇಧ ಕಾಯ್ದೆ ಹಿಂಪಡೆಯುವ ಸರ್ಕಾರದ ನಿರ್ಧಾರ ವಿರೋಧಿಸಿ ಡಿ.8 ಹಾಗೂ 9ರಂದು ರಾಜ್ಯಾದ್ಯಂತ ಪ್ರತಿಭಟನೆ ನಡೆಸಲಾಗುವುದು ಎಂದು ಶ್ರೀರಾಮ ಸೇನೆಯ ವಿನಾಯಕ ತಲಗೇರಿ ಹೇಳಿದರು. ನಗರದಲ್ಲಿ ಸುದ್ದಿಗೋಷ್ಠಿಯಲ್ಲಿ ಮಾತನಾಡಿದ ಅವರು, ಗೋವು ನಮ್ಮ ಸಂಸ್ಕೃತಿಯ ಪ್ರತೀಕ. ಕರ್ನಾಟಕ ಜಾನುವಾರು ಹತ್ಯೆ ಪ್ರತಿಬಂಧಕ ಮತ್ತು ಸಂರಕ್ಷಣಾ ಕಾಯ್ದೆ 2020 ಜಾರಿಯಲ್ಲಿದೆ. ಸರ್ಕಾರ ಈ ಕಾಯ್ದೆ ರದ್ದುಗೊಳಿಸಲು ಮುಂದಾಗಿರುವುದು ಖಂಡನೀಯ. ಬೆಳಗಾವಿ ಅಧಿವೇಶನದ ಸಂದರ್ಭದಲ್ಲಿ ಸುವರ್ಣಸೌಧ ಮುತ್ತಿಗೆ ಹಾಕಲಾಗುವುದು. ಹಿಂದೂ ಸಂಘಟನೆಗಳು ಒಗ್ಗಟ್ಟಾಗಿ ಹೋರಾಟ ನಡೆಸಲಿವೆ. ಸರ್ಕಾರ ತಕ್ಷಣ ತನ್ನ ನಿರ್ಧಾರ ಹಿಂಪಡೆಯಬೇಕು. ಗೋಶಾಲೆಗಳಿಗೆ ಅನುದಾನ ನೀಡಬೇಕು ಎಂದು ಆಗ್ರಹಿಸಿದರು. ಸಂಘಟನೆಯ ಪದಾಧಿಕಾರಿಗಳು ಉಪಸ್ಥಿತರಿದ್ದರು.
ಕಾಂಗ್ರೆಸ್‌ನಿಂದ ಕರ್ನಾಟಕ ಲೂಟಿ: ಯತ್ನಾಳ
ಶಿರಸಿ: ಮುಖ್ಯಮಂತ್ರಿ ಸಿದ್ದರಾಮಯ್ಯ ಅವರು ಕುರ್ಚಿ ಉಳಿಸಿಕೊಳ್ಳಲು ಹೆಣಗಾಡುತ್ತಿದ್ದಾರೆ. ಕಾಂಗ್ರೆಸ್ ಸರ್ಕಾರ ರಾಜ್ಯವನ್ನು ಲೂಟಿ ಮಾಡುತ್ತಿದೆ ಎಂದು ಶಾಸಕ ಬಸನಗೌಡ ಪಾಟೀಲ ಯತ್ನಾಳ ಆರೋಪಿಸಿದರು. ನಗರದಲ್ಲಿ ಸುದ್ದಿಗಾರರೊಂದಿಗೆ ಮಾತನಾಡಿದ ಅವರು, ಡಿ.ಕೆ.ಶಿವಕುಮಾರ್ ಹಾಗೂ ಸಿದ್ದರಾಮಯ್ಯ ನಡುವೆ ಅಧಿಕಾರಕ್ಕಾಗಿ ಕಿತ್ತಾಟ ನಡೆಯುತ್ತಿದೆ. ಉಪಹಾರ ಕೂಟಗಳು ಕೇವಲ ನಾಟಕ. ರಾಜ್ಯದಲ್ಲಿ ಭ್ರಷ್ಟಾಚಾರ ಮಿತಿಮೀರಿದೆ. ಅಭಿವೃದ್ಧಿ ಕಾಮಗಾರಿಗಳಿಗೆ ಹಣವಿಲ್ಲ. ಗುತ್ತಿಗೆದಾರರ ಬಿಲ್ ಬಾಕಿ ಉಳಿದಿದೆ. ಉತ್ತರ ಕರ್ನಾಟಕದ ಬಗ್ಗೆ ಸರ್ಕಾರ ನಿರ್ಲಕ್ಷ್ಯ ತೋರುತ್ತಿದೆ. ಹಿಂದೂ ವಿರೋಧಿ ನೀತಿ ಅನುಸರಿಸಲಾಗುತ್ತಿದೆ. ವಕ್ಫ್ ಆಸ್ತಿ ವಿಚಾರದಲ್ಲಿ ರೈತರಿಗೆ ಅನ್ಯಾಯವಾಗಿದೆ. ಜನರು ಮುಂದಿನ ಚುನಾವಣೆಯಲ್ಲಿ ತಕ್ಕ ಪಾಠ ಕಲಿಸಲಿದ್ದಾರೆ. ನಮ್ಮ ಹೋರಾಟ ಮುಂದುವರಿಯಲಿದೆ ಎಂದು ಹೇಳಿದರು. ಪಕ್ಷದ ಮುಖಂಡರು ಉಪಸ್ಥಿತರಿದ್ದರು.
ಮುಖ್ಯಮಂತ್ರಿ ಸಿದ್ದರಾಮಯ್ಯ ಅವರು ಕುರ್ಚಿ ಉಳಿಸಿಕೊಳ್ಳಲು ಹೆಣಗಾಡುತ್ತಿದ್ದಾರೆ. ಕಾಂಗ್ರೆಸ್ ಸರ್ಕಾರ ರಾಜ್ಯವನ್ನು ಲೂಟಿ ಮಾಡುತ್ತಿದೆ ಎಂದು ಶಾಸಕ ಬಸನಗೌಡ ಪಾಟೀಲ ಯತ್ನಾಳ ಆರೋಪಿಸಿದರು. ನಗರದಲ್ಲಿ ಸುದ್ದಿಗಾರರೊಂದಿಗೆ ಮಾತನಾಡಿದ ಅವರು, ಡಿ.ಕೆ.ಶಿವಕುಮಾರ್ ಹಾಗೂ ಸಿದ್ದರಾಮಯ್ಯ ನಡುವೆ ಅಧಿಕಾರಕ್ಕಾಗಿ ಕಿತ್ತಾಟ ನಡೆಯುತ್ತಿದೆ. ಉಪಹಾರ ಕೂಟಗಳು ಕೇವಲ ನಾಟಕ. ರಾಜ್ಯದಲ್ಲಿ ಭ್ರಷ್ಟಾಚಾರ ಮಿತಿಮೀರಿದೆ. ಅಭಿವೃದ್ಧಿ ಕಾಮಗಾರಿಗಳಿಗೆ ಹಣವಿಲ್ಲ. ಗುತ್ತಿಗೆದಾರರ ಬಿಲ್ ಬಾಕಿ ಉಳಿದಿದೆ. ಉತ್ತರ ಕರ್ನಾಟಕದ ಬಗ್ಗೆ ಸರ್ಕಾರ ನಿರ್ಲಕ್ಷ್ಯ ತೋರುತ್ತಿದೆ. ಹಿಂದೂ ವಿರೋಧಿ ನೀತಿ ಅನುಸರಿಸಲಾಗುತ್ತಿದೆ. ವಕ್ಫ್ ಆಸ್ತಿ ವಿಚಾರದಲ್ಲಿ ರೈತರಿಗೆ ಅನ್ಯಾಯವಾಗಿದೆ. ಜನರು ಮುಂದಿನ ಚುನಾವಣೆಯಲ್ಲಿ ತಕ್ಕ ಪಾಠ ಕಲಿಸಲಿದ್ದಾರೆ. ನಮ್ಮ ಹೋರಾಟ ಮುಂದುವರಿಯಲಿದೆ ಎಂದು ಹೇಳಿದರು. ಪಕ್ಷದ ಮುಖಂಡರು ಉಪಸ್ಥಿತರಿದ್ದರು.
ಮುಖ್ಯಮಂತ್ರಿ ಸಿದ್ದರಾಮಯ್ಯ ಅವರು ಕುರ್ಚಿ ಉಳಿಸಿಕೊಳ್ಳಲು ಹೆಣಗಾಡುತ್ತಿದ್ದಾರೆ. ಕಾಂಗ್ರೆಸ್ ಸರ್ಕಾರ ರಾಜ್ಯವನ್ನು ಲೂಟಿ ಮಾಡುತ್ತಿದೆ ಎಂದು ಶಾಸಕ ಬಸನಗೌಡ ಪಾಟೀಲ ಯತ್ನಾಳ ಆರೋಪಿಸಿದರು. ನಗರದಲ್ಲಿ ಸುದ್ದಿಗಾರರೊಂದಿಗೆ ಮಾತನಾಡಿದ ಅವರು, ಡಿ.ಕೆ.ಶಿವಕುಮಾರ್ ಹಾಗೂ ಸಿದ್ದರಾಮಯ್ಯ ನಡುವೆ ಅಧಿಕಾರಕ್ಕಾಗಿ ಕಿತ್ತಾಟ ನಡೆಯುತ್ತಿದೆ. ಉಪಹಾರ ಕೂಟಗಳು ಕೇವಲ ನಾಟಕ. ರಾಜ್ಯದಲ್ಲಿ ಭ್ರಷ್ಟಾಚಾರ ಮಿತಿಮೀರಿದೆ. ಅಭಿವೃದ್ಧಿ ಕಾಮಗಾರಿಗಳಿಗೆ ಹಣವಿಲ್ಲ. ಗುತ್ತಿಗೆದಾರರ ಬಿಲ್ ಬಾಕಿ ಉಳಿದಿದೆ. ಉತ್ತರ ಕರ್ನಾಟಕದ ಬಗ್ಗೆ ಸರ್ಕಾರ ನಿರ್ಲಕ್ಷ್ಯ ತೋರುತ್ತಿದೆ. ಹಿಂದೂ ವಿರೋಧಿ ನೀತಿ ಅನುಸರಿಸಲಾಗುತ್ತಿದೆ. ವಕ್ಫ್ ಆಸ್ತಿ ವಿಚಾರದಲ್ಲಿ ರೈತರಿಗೆ ಅನ್ಯಾಯವಾಗಿದೆ. ಜನರು ಮುಂದಿನ ಚುನಾವಣೆಯಲ್ಲಿ ತಕ್ಕ ಪಾಠ ಕಲಿಸಲಿದ್ದಾರೆ. ನಮ್ಮ ಹೋರಾಟ ಮುಂದುವರಿಯಲಿದೆ ಎಂದು ಹೇಳಿದರು. ಪಕ್ಷದ ಮುಖಂಡರು ಉಪಸ್ಥಿತರಿದ್ದರು.
ಉತ್ತರ ಕರ್ನಾಟಕ ಸಮಸ್ಯೆಗಳ ಚರ್ಚೆಗೆ ಸರ್ಕಾರ ಬದ್ಧ: ಎಂಬಿಪಾ
ವಿಜಯಪುರ: ಬೆಳಗಾವಿ ಅಧಿವೇಶನದಲ್ಲಿ ಉತ್ತರ ಕರ್ನಾಟಕದ ಸಮಸ್ಯೆಗಳ ಕುರಿತು ಸಮಗ್ರ ಚರ್ಚೆ ನಡೆಸಲು ಸರ್ಕಾರ ಬದ್ಧವಾಗಿದೆ ಎಂದು ಸಚಿವ ಎಂ.ಬಿ.ಪಾಟೀಲ ಹೇಳಿದರು. ನಗರದಲ್ಲಿ ಸುದ್ದಿಗಾರರೊಂದಿಗೆ ಮಾತನಾಡಿದ ಅವರು, ಕೃಷ್ಣಾ ಮೇಲ್ದಂಡೆ ಯೋಜನೆ, ನೀರಾವರಿ ಹಾಗೂ ಕೈಗಾರಿಕಾ ಅಭಿವೃದ್ಧಿ ಕುರಿತು ಚರ್ಚಿಸಲಾಗುವುದು. ಕೇಂದ್ರ ಸರ್ಕಾರ ರಾಜ್ಯಕ್ಕೆ ಅನುದಾನ ನೀಡುವಲ್ಲಿ ತಾರತಮ್ಯ ಮಾಡುತ್ತಿದೆ. ರೈತರ ಬೆಳೆಗಳಿಗೆ ಬೆಂಬಲ ಬೆಲೆ ನೀಡಲು ಕೇಂದ್ರ ಮುಂದಾಗಬೇಕು. ಕಬ್ಬು ಬೆಳೆಗಾರರ ಸಮಸ್ಯೆ ಬಗೆಹರಿಸಲು ಕ್ರಮ ಕೈಗೊಳ್ಳಲಾಗಿದೆ. ಮೆಕ್ಕೆಜೋಳ ಖರೀದಿ ಕೇಂದ್ರ ಆರಂಭಿಸಲಾಗುವುದು. ಆಲಮಟ್ಟಿ ಜಲಾಶಯದ ಎತ್ತರ ಹೆಚ್ಚಳಕ್ಕೆ ಅನುಮತಿ ಪಡೆಯಲು ಪ್ರಯತ್ನಿಸಲಾಗುವುದು. ಜಿಲ್ಲೆಯ ಅಭಿವೃದ್ಧಿಗೆ ವಿಶೇಷ ಆದ್ಯತೆ ನೀಡಲಾಗಿದೆ ಎಂದರು. ಡಿ.ಕೆ.ಶಿವಕುಮಾರ್ ಸಿಎಂ ಆಗುವ ಕುರಿತು ಹೈಕಮಾಂಡ್ ತೀರ್ಮಾನ ಕೈಗೊಳ್ಳಲಿದೆ. ಜಿಲ್ಲಾ ಉಸ್ತುವಾರಿ ಸಚಿವರು ಉಪಸ್ಥಿತರಿದ್ದರು.
ಬೆಳಗಾವಿ ಅಧಿವೇಶನದಲ್ಲಿ ಉತ್ತರ ಕರ್ನಾಟಕದ ಸಮಸ್ಯೆಗಳ ಕುರಿತು ಸಮಗ್ರ ಚರ್ಚೆ ನಡೆಸಲು ಸರ್ಕಾರ ಬದ್ಧವಾಗಿದೆ ಎಂದು ಸಚಿವ ಎಂ.ಬಿ.ಪಾಟೀಲ ಹೇಳಿದರು.
ಬೆಳಗಾವಿ ಅಧಿವೇಶನದಲ್ಲಿ ಉತ್ತರ ಕರ್ನಾಟಕದ ಸಮಸ್ಯೆಗಳ ಕುರಿತು ಸಮಗ್ರ ಚರ್ಚೆ ನಡೆಸಲು ಸರ್ಕಾರ ಬದ್ಧವಾಗಿದೆ ಎಂದು ಸಚಿವ ಎಂ.ಬಿ.ಪಾಟೀಲ ಹೇಳಿದರು. ನಗರದಲ್ಲಿ ಸುದ್ದಿಗಾರರೊಂದಿಗೆ ಮಾತನಾಡಿದ ಅವರು, ಕೃಷ್ಣಾ ಮೇಲ್ದಂಡೆ ಯೋಜನೆ, ನೀರಾವರಿ ಹಾಗೂ ಕೈಗಾರಿಕಾ ಅಭಿವೃದ್ಧಿ ಕುರಿತು ಚರ್ಚಿಸಲಾಗುವುದು. ಕೇಂದ್ರ ಸರ್ಕಾರ ರಾಜ್ಯಕ್ಕೆ ಅನುದಾನ ನೀಡುವಲ್ಲಿ ತಾರತಮ್ಯ ಮಾಡುತ್ತಿದೆ. ರೈತರ ಬೆಳೆಗಳಿಗೆ ಬೆಂಬಲ ಬೆಲೆ ನೀಡಲು ಕೇಂದ್ರ ಮುಂದಾಗಬೇಕು. ಕಬ್ಬು ಬೆಳೆಗಾರರ ಸಮಸ್ಯೆ ಬಗೆಹರಿಸಲು ಕ್ರಮ ಕೈಗೊಳ್ಳಲಾಗಿದೆ. ಮೆಕ್ಕೆಜೋಳ ಖರೀದಿ ಕೇಂದ್ರ ಆರಂಭಿಸಲಾಗುವುದು. ಆಲಮಟ್ಟಿ ಜಲಾಶಯದ ಎತ್ತರ ಹೆಚ್ಚಳಕ್ಕೆ ಅನುಮತಿ ಪಡೆಯಲು ಪ್ರಯತ್ನಿಸಲಾಗುವುದು. ಜಿಲ್ಲೆಯ ಅಭಿವೃದ್ಧಿಗೆ ವಿಶೇಷ ಆದ್ಯತೆ ನೀಡಲಾಗಿದೆ ಎಂದರು. ಡಿ.ಕೆ.ಶಿವಕುಮಾರ್ ಸಿಎಂ ಆಗುವ ಕುರಿತು ಹೈಕಮಾಂಡ್ ತೀರ್ಮಾನ ಕೈಗೊಳ್ಳಲಿದೆ. ಜಿಲ್ಲಾ ಉಸ್ತುವಾರಿ ಸಚಿವರು ಉಪಸ್ಥಿತರಿದ್ದರು.
ಬೆಳಗಾವಿ ಅಧಿವೇಶನದಲ್ಲಿ ಉತ್ತರ ಕರ್ನಾಟಕದ ಸಮಸ್ಯೆಗಳ ಕುರಿತು ಸಮಗ್ರ ಚರ್ಚೆ ನಡೆಸಲು ಸರ್ಕಾರ ಬದ್ಧವಾಗಿದೆ ಎಂದು ಸಚಿವ ಎಂ.ಬಿ.ಪಾಟೀಲ ಹೇಳಿದರು. ನಗರದಲ್ಲಿ ಸುದ್ದಿಗಾರರೊಂದಿಗೆ ಮಾತನಾಡಿದ ಅವರು, ಕೃಷ್ಣಾ ಮೇಲ್ದಂಡೆ ಯೋಜನೆ, ನೀರಾವರಿ ಹಾಗೂ ಕೈಗಾರಿಕಾ ಅಭಿವೃದ್ಧಿ ಕುರಿತು ಚರ್ಚಿಸಲಾಗುವುದು. ಕೇಂದ್ರ ಸರ್ಕಾರ ರಾಜ್ಯಕ್ಕೆ ಅನುದಾನ ನೀಡುವಲ್ಲಿ ತಾರತಮ್ಯ ಮಾಡುತ್ತಿದೆ. ರೈತರ ಬೆಳೆಗಳಿಗೆ ಬೆಂಬಲ ಬೆಲೆ ನೀಡಲು ಕೇಂದ್ರ ಮುಂದಾಗಬೇಕು. ಕಬ್ಬು ಬೆಳೆಗಾರರ ಸಮಸ್ಯೆ ಬಗೆಹರಿಸಲು ಕ್ರಮ ಕೈಗೊಳ್ಳಲಾಗಿದೆ. ಮೆಕ್ಕೆಜೋಳ ಖರೀದಿ ಕೇಂದ್ರ ಆರಂಭಿಸಲಾಗುವುದು. ಆಲಮಟ್ಟಿ ಜಲಾಶಯದ ಎತ್ತರ ಹೆಚ್ಚಳಕ್ಕೆ ಅನುಮತಿ ಪಡೆಯಲು ಪ್ರಯತ್ನಿಸಲಾಗುವುದು. ಜಿಲ್ಲೆಯ ಅಭಿವೃದ್ಧಿಗೆ ವಿಶೇಷ ಆದ್ಯತೆ ನೀಡಲಾಗಿದೆ ಎಂದರು. ಡಿ.ಕೆ.ಶಿವಕುಮಾರ್ ಸಿಎಂ ಆಗುವ ಕುರಿತು ಹೈಕಮಾಂಡ್ ತೀರ್ಮಾನ ಕೈಗೊಳ್ಳಲಿದೆ. ಜಿಲ್ಲಾ ಉಸ್ತುವಾರಿ ಸಚಿವರು ಉಪಸ್ಥಿತರಿದ್ದರು.
ಮಹಾಮೇಳಾವ್‌ಗೆ ಅವಕಾಶ ನೀಡದಂತೆ ಆಗ್ರಹ
ಬೆಳಗಾವಿ: ಚಳಿಗಾಲದ ಅಧಿವೇಶನದ ಸಂದರ್ಭದಲ್ಲಿ ಎಂಇಎಸ್ ಹಮ್ಮಿಕೊಳ್ಳುವ ಮಹಾಮೇಳಾವ್‌ಗೆ ಅವಕಾಶ ನೀಡಬಾರದು ಎಂದು ಕನ್ನಡಪರ ಸಂಘಟನೆಗಳು ಆಗ್ರಹಿಸಿವೆ. ಈ ಕುರಿತು ಜಿಲ್ಲಾಧಿಕಾರಿಗಳಿಗೆ ಮನವಿ ಸಲ್ಲಿಸಿದ ಸಂಘಟನೆಗಳ ಮುಖಂಡರು, ಗಡಿ ವಿವಾದ ಸುಪ್ರೀಂ ಕೋರ್ಟ್‌ನಲ್ಲಿದೆ. ಎಂಇಎಸ್ ಪ್ರತಿವರ್ಷ ಅಧಿವೇಶನದ ಸಂದರ್ಭದಲ್ಲಿ ಶಾಂತಿ ಕದಡುವ ಕೆಲಸ ಮಾಡುತ್ತಿದೆ. ಕನ್ನಡಿಗರ ಭಾವನೆಗಳಿಗೆ ಧಕ್ಕೆ ತರುವ ಕಾರ್ಯಕ್ರಮಗಳಿಗೆ ಅನುಮತಿ ನೀಡಬಾರದು. ಮಹಾರಾಷ್ಟ್ರದ ನಾಯಕರು ಗಡಿ ಪ್ರವೇಶಿಸದಂತೆ ನಿರ್ಬಂಧ ಹೇರಬೇಕು. ಕನ್ನಡ ಶಾಲೆಗಳ ಅಭಿವೃದ್ಧಿಗೆ ಕ್ರಮ ಕೈಗೊಳ್ಳಬೇಕು. ನಾಡದ್ರೋಹಿ ಚಟುವಟಿಕೆಗಳನ್ನು ಹತ್ತಿಕ್ಕಬೇಕು. ಪೊಲೀಸ್ ಇಲಾಖೆ ಕಟ್ಟೆಚ್ಚರ ವಹಿಸಬೇಕು ಎಂದು ಆಗ್ರಹಿಸಿದರು. ಕರವೇ ಕಾರ್ಯಕರ್ತರು ಹಾಗೂ ವಿವಿಧ ಸಂಘಟನೆಗಳ ಪದಾಧಿಕಾರಿಗಳು ಉಪಸ್ಥಿತರಿದ್ದರು. ಜಿಲ್ಲಾಡಳಿತ ಸೂಕ್ತ ಕ್ರಮ ಕೈಗೊಳ್ಳುವ ಭರವಸೆ ನೀಡಿದೆ.
ಚಳಿಗಾಲದ ಅಧಿವೇಶನದ ಸಂದರ್ಭದಲ್ಲಿ ಎಂಇಎಸ್ ಹಮ್ಮಿಕೊಳ್ಳುವ ಮಹಾಮೇಳಾವ್‌ಗೆ ಅವಕಾಶ ನೀಡಬಾರದು ಎಂದು ಕನ್ನಡಪರ ಸಂಘಟನೆಗಳು ಆಗ್ರಹಿಸಿವೆ. ಈ ಕುರಿತು ಜಿಲ್ಲಾಧಿಕಾರಿಗಳಿಗೆ ಮನವಿ ಸಲ್ಲಿಸಿದ ಸಂಘಟನೆಗಳ ಮುಖಂಡರು, ಗಡಿ ವಿವಾದ ಸುಪ್ರೀಂ ಕೋರ್ಟ್‌ನಲ್ಲಿದೆ. ಎಂಇಎಸ್ ಪ್ರತಿವರ್ಷ ಅಧಿವೇಶನದ ಸಂದರ್ಭದಲ್ಲಿ ಶಾಂತಿ ಕದಡುವ ಕೆಲಸ ಮಾಡುತ್ತಿದೆ. ಕನ್ನಡಿಗರ ಭಾವನೆಗಳಿಗೆ ಧಕ್ಕೆ ತರುವ ಕಾರ್ಯಕ್ರಮಗಳಿಗೆ ಅನುಮತಿ ನೀಡಬಾರದು. ಮಹಾರಾಷ್ಟ್ರದ ನಾಯಕರು ಗಡಿ ಪ್ರವೇಶಿಸದಂತೆ ನಿರ್ಬಂಧ ಹೇರಬೇಕು. ಕನ್ನಡ ಶಾಲೆಗಳ ಅಭಿವೃದ್ಧಿಗೆ ಕ್ರಮ ಕೈಗೊಳ್ಳಬೇಕು. ನಾಡದ್ರೋಹಿ ಚಟುವಟಿಕೆಗಳನ್ನು ಹತ್ತಿಕ್ಕಬೇಕು. ಪೊಲೀಸ್ ಇಲಾಖೆ ಕಟ್ಟೆಚ್ಚರ ವಹಿಸಬೇಕು ಎಂದು ಆಗ್ರಹಿಸಿದರು. ಕರವೇ ಕಾರ್ಯಕರ್ತರು ಹಾಗೂ ವಿವಿಧ ಸಂಘಟನೆಗಳ ಪದಾಧಿಕಾರಿಗಳು ಉಪಸ್ಥಿತರಿದ್ದರು.
ಚಳಿಗಾಲದ ಅಧಿವೇಶನದ ಸಂದರ್ಭದಲ್ಲಿ ಎಂಇಎಸ್ ಹಮ್ಮಿಕೊಳ್ಳುವ ಮಹಾಮೇಳಾವ್‌ಗೆ ಅವಕಾಶ ನೀಡಬಾರದು ಎಂದು ಕನ್ನಡಪರ ಸಂಘಟನೆಗಳು ಆಗ್ರಹಿಸಿವೆ. ಈ ಕುರಿತು ಜಿಲ್ಲಾಧಿಕಾರಿಗಳಿಗೆ ಮನವಿ ಸಲ್ಲಿಸಿದ ಸಂಘಟನೆಗಳ ಮುಖಂಡರು, ಗಡಿ ವಿವಾದ ಸುಪ್ರೀಂ ಕೋರ್ಟ್‌ನಲ್ಲಿದೆ. ಎಂಇಎಸ್ ಪ್ರತಿವರ್ಷ ಅಧಿವೇಶನದ ಸಂದರ್ಭದಲ್ಲಿ ಶಾಂತಿ ಕದಡುವ ಕೆಲಸ ಮಾಡುತ್ತಿದೆ. ಕನ್ನಡಿಗರ ಭಾವನೆಗಳಿಗೆ ಧಕ್ಕೆ ತರುವ ಕಾರ್ಯಕ್ರಮಗಳಿಗೆ ಅನುಮತಿ ನೀಡಬಾರದು. ಮಹಾರಾಷ್ಟ್ರದ ನಾಯಕರು ಗಡಿ ಪ್ರವೇಶಿಸದಂತೆ ನಿರ್ಬಂಧ ಹೇರಬೇಕು. ಕನ್ನಡ ಶಾಲೆಗಳ ಅಭಿವೃದ್ಧಿಗೆ ಕ್ರಮ ಕೈಗೊಳ್ಳಬೇಕು. ನಾಡದ್ರೋಹಿ ಚಟುವಟಿಕೆಗಳನ್ನು ಹತ್ತಿಕ್ಕಬೇಕು. ಪೊಲೀಸ್ ಇಲಾಖೆ ಕಟ್ಟೆಚ್ಚರ ವಹಿಸಬೇಕು ಎಂದು ಆಗ್ರಹಿಸಿದರು. ಕರವೇ ಕಾರ್ಯಕರ್ತರು ಹಾಗೂ ವಿವಿಧ ಸಂಘಟನೆಗಳ ಪದಾಧಿಕಾರಿಗಳು ಉಪಸ್ಥಿತರಿದ್ದರು. ಜಿಲ್ಲಾಡಳಿತ ಸೂಕ್ತ ಕ್ರಮ ಕೈಗೊಳ್ಳುವ ಭರವಸೆ ನೀಡಿದೆ.
ಮಹಿಳೆ ವರ್ತನೆಯಿಂದ ನ್ಯಾಯಾಲಯ ಸಿಬ್ಬಂದಿಗೆ ಕಿರಿಕಿರಿ
ರಾಯಚೂರು: ನಗರದ ನ್ಯಾಯಾಲಯದ ಆವರಣದಲ್ಲಿ ಮಹಿಳೆಯೊಬ್ಬರು ಅನುಚಿತವಾಗಿ ವರ್ತಿಸಿ ಸಿಬ್ಬಂದಿಗೆ ಕಿರಿಕಿರಿ ಉಂಟುಮಾಡಿದ ಘಟನೆ ನಡೆದಿದೆ. ನ್ಯಾಯಾಲಯದ ಆವರಣದಲ್ಲಿ ಮಹಿಳೆಯು ಜೋರಾಗಿ ಕೂಗಾಡುತ್ತಾ ನ್ಯಾಯಾಲಯದ ಕಲಾಪಕ್ಕೆ ಅಡ್ಡಿಪಡಿಸಿದರು. ಸಿಬ್ಬಂದಿ ಹಾಗೂ ವಕೀಲರು ಸಮಾಧಾನಪಡಿಸಲು ಯತ್ನಿಸಿದರೂ ಪ್ರಯೋಜನವಾಗಲಿಲ್ಲ. ಬಳಿಕ ಪೊಲೀಸರು ಸ್ಥಳಕ್ಕೆ ಆಗಮಿಸಿ ಮಹಿಳೆಯನ್ನು ವಶಕ್ಕೆ ಪಡೆದರು. ಕೌಟುಂಬಿಕ ಪ್ರಕರಣವೊಂದರ ವಿಚಾರಣೆಗೆ ಹಾಜರಾಗಿದ್ದ ಅವರು ತೀರ್ಪಿನ ಬಗ್ಗೆ ಅಸಮಾಧಾನ ವ್ಯಕ್ತಪಡಿಸಿದ್ದರು. ನ್ಯಾಯಾಲಯದ ಭದ್ರತೆ ಹೆಚ್ಚಿಸುವಂತೆ ವಕೀಲರ ಸಂಘ ಮನವಿ ಮಾಡಿದೆ. ನಗರ ಠಾಣೆಯಲ್ಲಿ ಪ್ರಕರಣ ದಾಖಲಾಗಿದೆ. ಪೊಲೀಸರು ತನಿಖೆ ಕೈಗೊಂಡಿದ್ದಾರೆ ಎಂದು ತಿಳಿಸಿದ್ದಾರೆ.
ನಗರದ ನ್ಯಾಯಾಲಯದ ಆವರಣದಲ್ಲಿ ಮಹಿಳೆಯೊಬ್ಬರು ಅನುಚಿತವಾಗಿ ವರ್ತಿಸಿ ಸಿಬ್ಬಂದಿಗೆ ಕಿರಿಕಿರಿ ಉಂಟುಮಾಡಿದ ಘಟನೆ ನಡೆದಿದೆ. ನ್ಯಾಯಾಲಯದ ಆವರಣದಲ್ಲಿ ಮಹಿಳೆಯು ಜೋರಾಗಿ ಕೂಗಾಡುತ್ತಾ ನ್ಯಾಯಾಲಯದ ಕಲಾಪಕ್ಕೆ ಅಡ್ಡಿಪಡಿಸಿದರು. ಸಿಬ್ಬಂದಿ ಹಾಗೂ ವಕೀಲರು ಸಮಾಧಾನಪಡಿಸಲು ಯತ್ನಿಸಿದರೂ ಪ್ರಯೋಜನವಾಗಲಿಲ್ಲ. ಬಳಿಕ ಪೊಲೀಸರು ಸ್ಥಳಕ್ಕೆ ಆಗಮಿಸಿ ಮಹಿಳೆಯನ್ನು ವಶಕ್ಕೆ ಪಡೆದರು. ಕೌಟುಂಬಿಕ ಪ್ರಕರಣವೊಂದರ ವಿಚಾರಣೆಗೆ ಹಾಜರಾಗಿದ್ದ ಅವರು ತೀರ್ಪಿನ ಬಗ್ಗೆ ಅಸಮಾಧಾನ ವ್ಯಕ್ತಪಡಿಸಿದ್ದರು. ನ್ಯಾಯಾಲಯದ ಭದ್ರತೆ ಹೆಚ್ಚಿಸುವಂತೆ ವಕೀಲರ ಸಂಘ ಮನವಿ ಮಾಡಿದೆ. ನಗರ ಠಾಣೆಯಲ್ಲಿ ಪ್ರಕರಣ ದಾಖಲಾಗಿದೆ. ಪೊಲೀಸರು ತನಿಖೆ ಕೈಗೊಂಡಿದ್ದಾರೆ ಎಂದು ತಿಳಿಸಿದ್ದಾರೆ.
